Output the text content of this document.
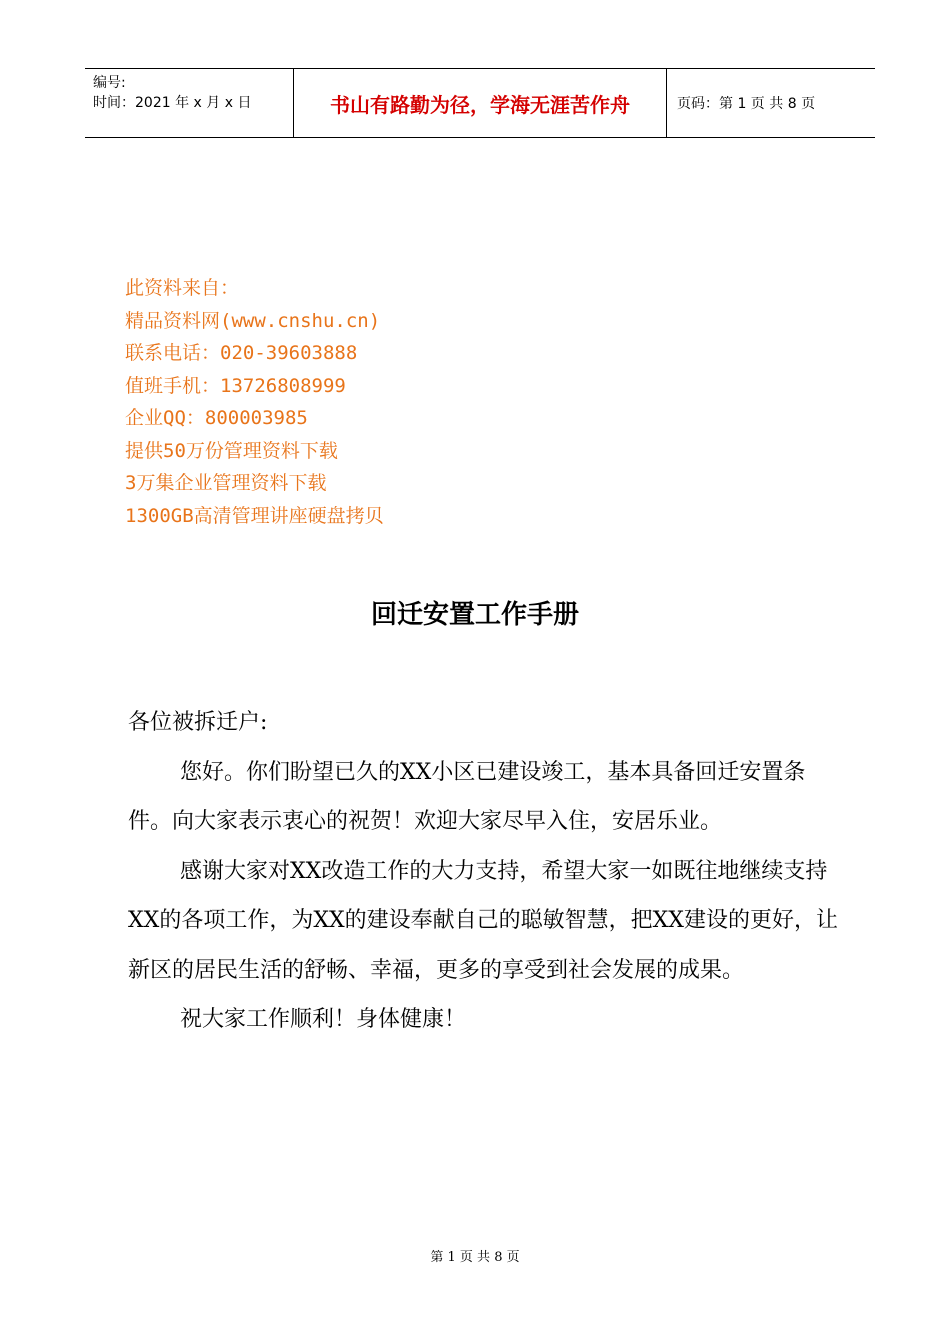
编号:
时间：2021 年 x 月 x 日	书山有路勤为径，学海无涯苦作舟	页码：第 1 页 共 8 页
此资料来自：
精品资料网(www.cnshu.cn)
联系电话：020-39603888
值班手机：13726808999
企业QQ：800003985
提供50万份管理资料下载
3万集企业管理资料下载
1300GB高清管理讲座硬盘拷贝
回迁安置工作手册

各位被拆迁户:

您好。你们盼望已久的XX小区已建设竣工，基本具备回迁安置条件。向大家表示衷心的祝贺！欢迎大家尽早入住，安居乐业。

感谢大家对XX改造工作的大力支持，希望大家一如既往地继续支持XX的各项工作，为XX的建设奉献自己的聪敏智慧，把XX建设的更好，让新区的居民生活的舒畅、幸福，更多的享受到社会发展的成果。

祝大家工作顺利！身体健康！

第 1 页 共 8 页
